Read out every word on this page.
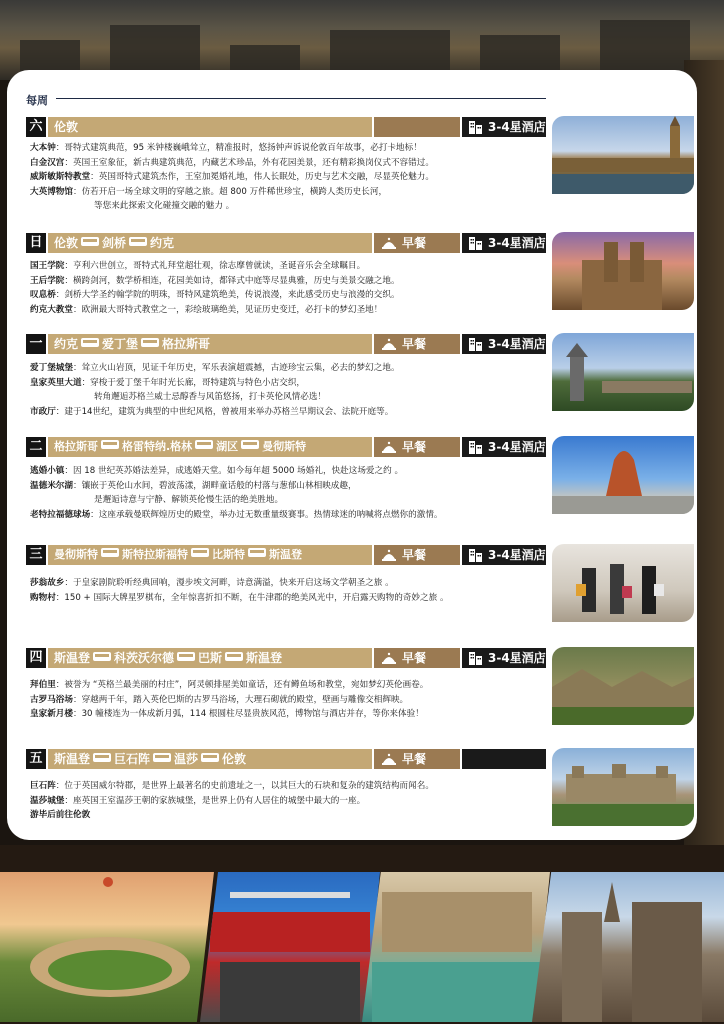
每周
六 伦敦	3-4星酒店

大本钟：哥特式建筑典范，95 米钟楼巍峨耸立，精准报时，悠扬钟声诉说伦敦百年故事，必打卡地标！

白金汉宫：英国王室象征，新古典建筑典范，内藏艺术珍品，外有花园美景，还有精彩换岗仪式不容错过。

威斯敏斯特教堂：英国哥特式建筑杰作，王室加冕婚礼地，伟人长眠处，历史与艺术交融，尽显英伦魅力。

大英博物馆：仿若开启一场全球文明的穿越之旅。超 800 万件稀世珍宝，横跨人类历史长河，

等您来此探索文化碰撞交融的魅力 。

日 伦敦 剑桥 约克	早餐	3-4星酒店

国王学院：亨利六世创立，哥特式礼拜堂超壮观，徐志摩曾就读，圣诞音乐会全球瞩目。

王后学院：横跨剑河，数学桥相连，花园美如诗，都铎式中庭等尽显典雅，历史与美景交融之地。

叹息桥：剑桥大学圣约翰学院的明珠，哥特风建筑绝美，传说浪漫，来此感受历史与浪漫的交织。

约克大教堂：欧洲最大哥特式教堂之一，彩绘玻璃绝美，见证历史变迁，必打卡的梦幻圣地！

一 约克 爱丁堡 格拉斯哥	早餐	3-4星酒店

爱丁堡城堡：耸立火山岩顶，见证千年历史，军乐表演超震撼，古迹珍宝云集，必去的梦幻之地。

皇家英里大道：穿梭于爱丁堡千年时光长廊，哥特建筑与特色小店交织，

转角邂逅苏格兰威士忌醇香与风笛悠扬，打卡英伦风情必选！

市政厅：建于14世纪，建筑为典型的中世纪风格，曾被用来举办苏格兰早期议会、法院开庭等。

二	格拉斯哥 格雷特纳.格林 湖区 曼彻斯特	早餐	3-4星酒店

逃婚小镇：因 18 世纪英苏婚法差异，成逃婚天堂。如今每年超 5000 场婚礼，快赴这场爱之约 。

温德米尔湖：镶嵌于英伦山水间，碧波荡漾，湖畔童话般的村落与葱郁山林相映成趣，

是邂逅诗意与宁静、解锁英伦慢生活的绝美胜地。

老特拉福德球场：这座承载曼联辉煌历史的殿堂，举办过无数重量级赛事。热情球迷的呐喊将点燃你的激情。

三	曼彻斯特 斯特拉斯福特 比斯特 斯温登	早餐	3-4星酒店

莎翁故乡：于皇家剧院聆听经典回响，漫步埃文河畔，诗意满溢，快来开启这场文学朝圣之旅 。

购物村：150 + 国际大牌星罗棋布，全年惊喜折扣不断，在牛津郡的绝美风光中，开启露天购物的奇妙之旅 。

四 斯温登 科茨沃尔德 巴斯 斯温登	早餐	3-4星酒店

拜伯里：被誉为 “英格兰最美丽的村庄”，阿灵顿排屋美如童话，还有鳟鱼场和教堂，宛如梦幻英伦画卷。

古罗马浴场：穿越两千年，踏入英伦巴斯的古罗马浴场，大理石砌就的殿堂，壁画与雕像交相辉映。

皇家新月楼：30 幢楼连为一体成新月弧，114 根圆柱尽显贵族风范，博物馆与酒店并存，等你来体验！

五 斯温登 巨石阵 温莎 伦敦	早餐

巨石阵：位于英国威尔特郡，是世界上最著名的史前遗址之一，以其巨大的石块和复杂的建筑结构而闻名。

温莎城堡：座英国王室温莎王朝的家族城堡，是世界上仍有人居住的城堡中最大的一座。

游毕后前往伦敦
